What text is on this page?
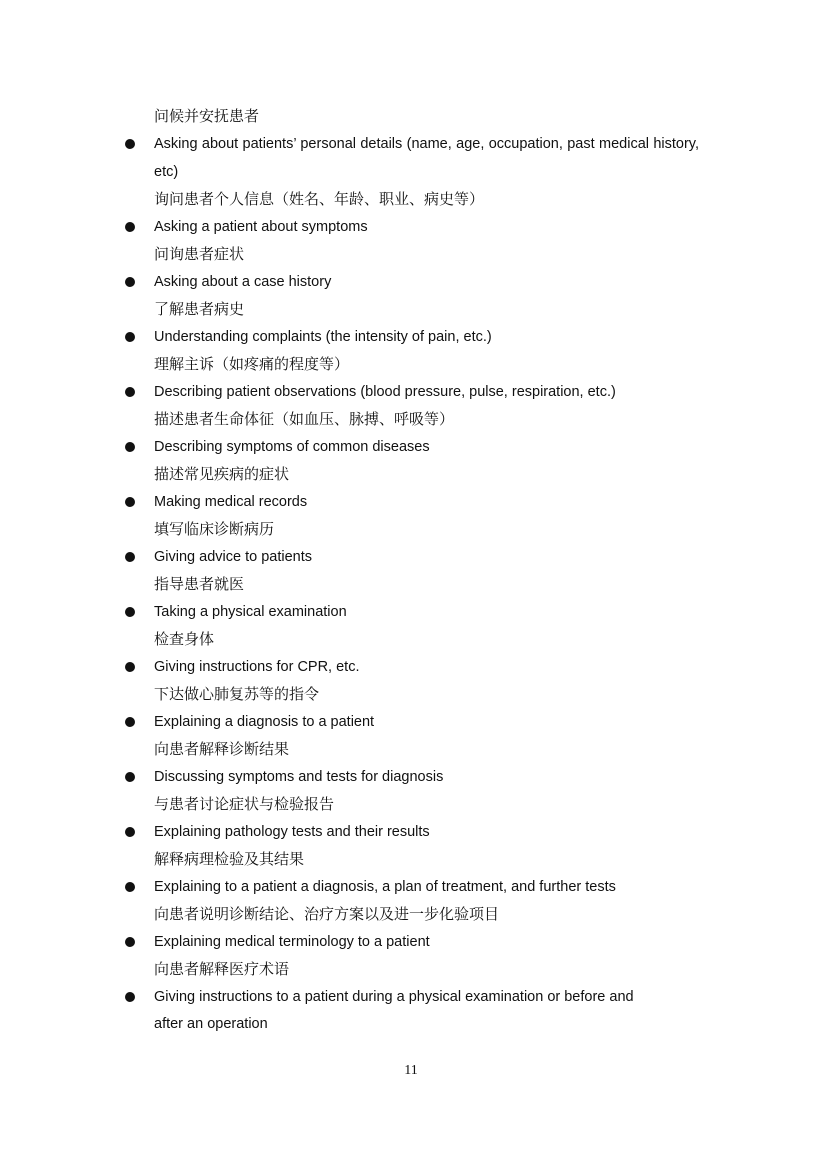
问候并安抚患者
Asking about patients’ personal details (name, age, occupation, past medical history, etc)
询问患者个人信息（姓名、年龄、职业、病史等）
Asking a patient about symptoms
问询患者症状
Asking about a case history
了解患者病史
Understanding complaints (the intensity of pain, etc.)
理解主诉（如疼痛的程度等）
Describing patient observations (blood pressure, pulse, respiration, etc.)
描述患者生命体征（如血压、脉搏、呼吸等）
Describing symptoms of common diseases
描述常见疾病的症状
Making medical records
填写临床诊断病历
Giving advice to patients
指导患者就医
Taking a physical examination
检查身体
Giving instructions for CPR, etc.
下达做心肺复苏等的指令
Explaining a diagnosis to a patient
向患者解释诊断结果
Discussing symptoms and tests for diagnosis
与患者讨论症状与检验报告
Explaining pathology tests and their results
解释病理检验及其结果
Explaining to a patient a diagnosis, a plan of treatment, and further tests
向患者说明诊断结论、治疗方案以及进一步化验项目
Explaining medical terminology to a patient
向患者解释医疗术语
Giving instructions to a patient during a physical examination or before and after an operation
11
